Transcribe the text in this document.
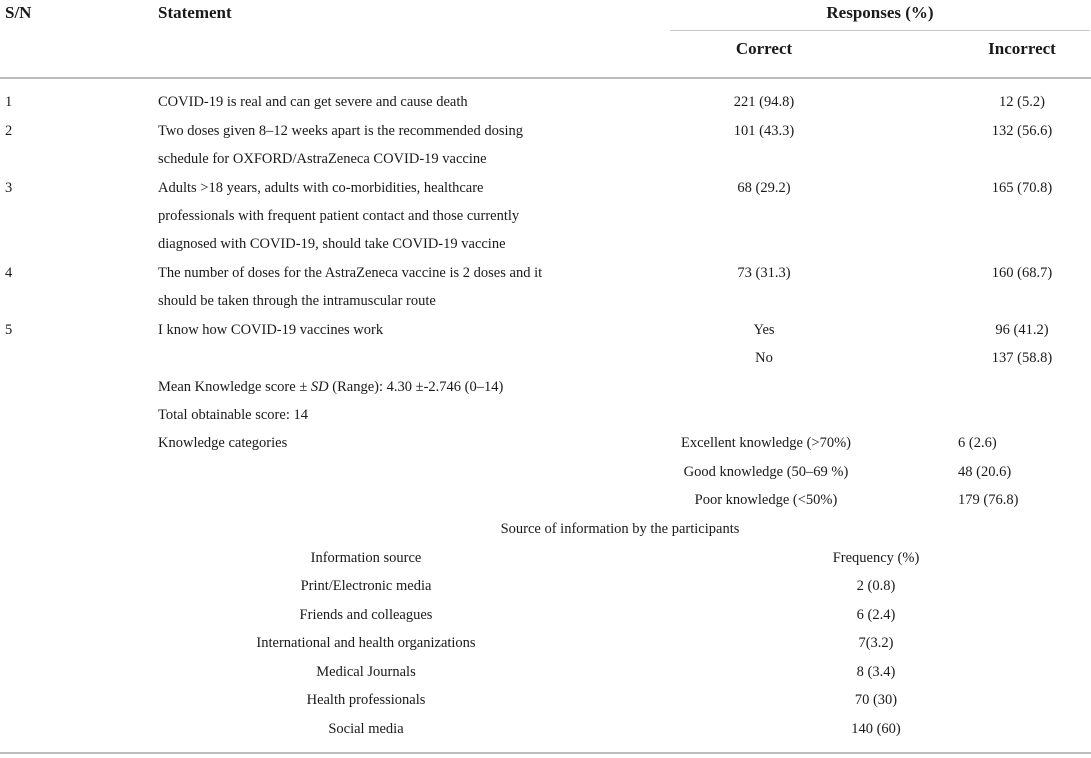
S/N	Statement	Responses (%)
Correct	Incorrect
1	COVID-19 is real and can get severe and cause death	221 (94.8)	12 (5.2)
2	Two doses given 8–12 weeks apart is the recommended dosing
schedule for OXFORD/AstraZeneca COVID-19 vaccine
101 (43.3)	132 (56.6)
3	Adults >18 years, adults with co-morbidities, healthcare
professionals with frequent patient contact and those currently
diagnosed with COVID-19, should take COVID-19 vaccine
68 (29.2)	165 (70.8)
4	The number of doses for the AstraZeneca vaccine is 2 doses and it
should be taken through the intramuscular route
73 (31.3)	160 (68.7)
5	I know how COVID-19 vaccines work	Yes	96 (41.2)
No	137 (58.8)
Mean Knowledge score ± SD (Range): 4.30 ±-2.746 (0–14)
Total obtainable score: 14
Knowledge categories	Excellent knowledge (>70%)	6 (2.6)
Good knowledge (50–69 %)	48 (20.6)
Poor knowledge (<50%)	179 (76.8)
Source of information by the participants
Information source	Frequency (%)
Print/Electronic media	2 (0.8)
Friends and colleagues	6 (2.4)
International and health organizations	7(3.2)
Medical Journals	8 (3.4)
Health professionals	70 (30)
Social media	140 (60)
